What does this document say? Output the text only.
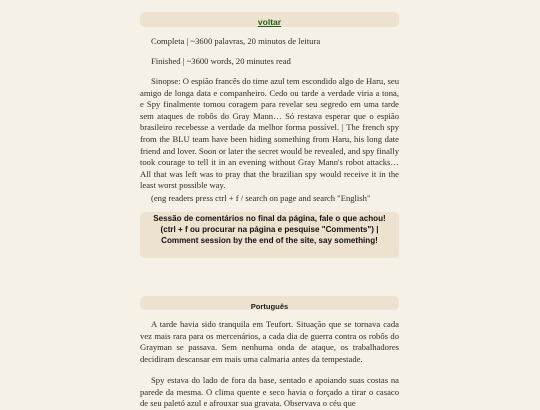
voltar

Completa | ~3600 palavras, 20 minutos de leitura

Finished | ~3600 words, 20 minutes read

Sinopse: O espião francês do time azul tem escondido algo de Haru, seu amigo de longa data e companheiro. Cedo ou tarde a verdade viria a tona, e Spy finalmente tomou coragem para revelar seu segredo em uma tarde sem ataques de robôs do Gray Mann… Só restava esperar que o espião brasileiro recebesse a verdade da melhor forma possível. | The french spy from the BLU team have been hiding something from Haru, his long date friend and lover. Soon or later the secret would be revealed, and spy finally took courage to tell it in an evening without Gray Mann's robot attacks… All that was left was to pray that the brazilian spy would receive it in the least worst possible way.

(eng readers press ctrl + f / search on page and search "English"

Sessão de comentários no final da página, fale o que achou! (ctrl + f ou procurar na página e pesquise "Comments") | Comment session by the end of the site, say something!
Português

A tarde havia sido tranquila em Teufort. Situação que se tornava cada vez mais rara para os mercenários, a cada dia de guerra contra os robôs do Grayman se passava. Sem nenhuma onda de ataque, os trabalhadores decidiram descansar em mais uma calmaria antes da tempestade.

Spy estava do lado de fora da base, sentado e apoiando suas costas na parede da mesma. O clima quente e seco havia o forçado a tirar o casaco de seu paletó azul e afrouxar sua gravata. Observava o céu que
